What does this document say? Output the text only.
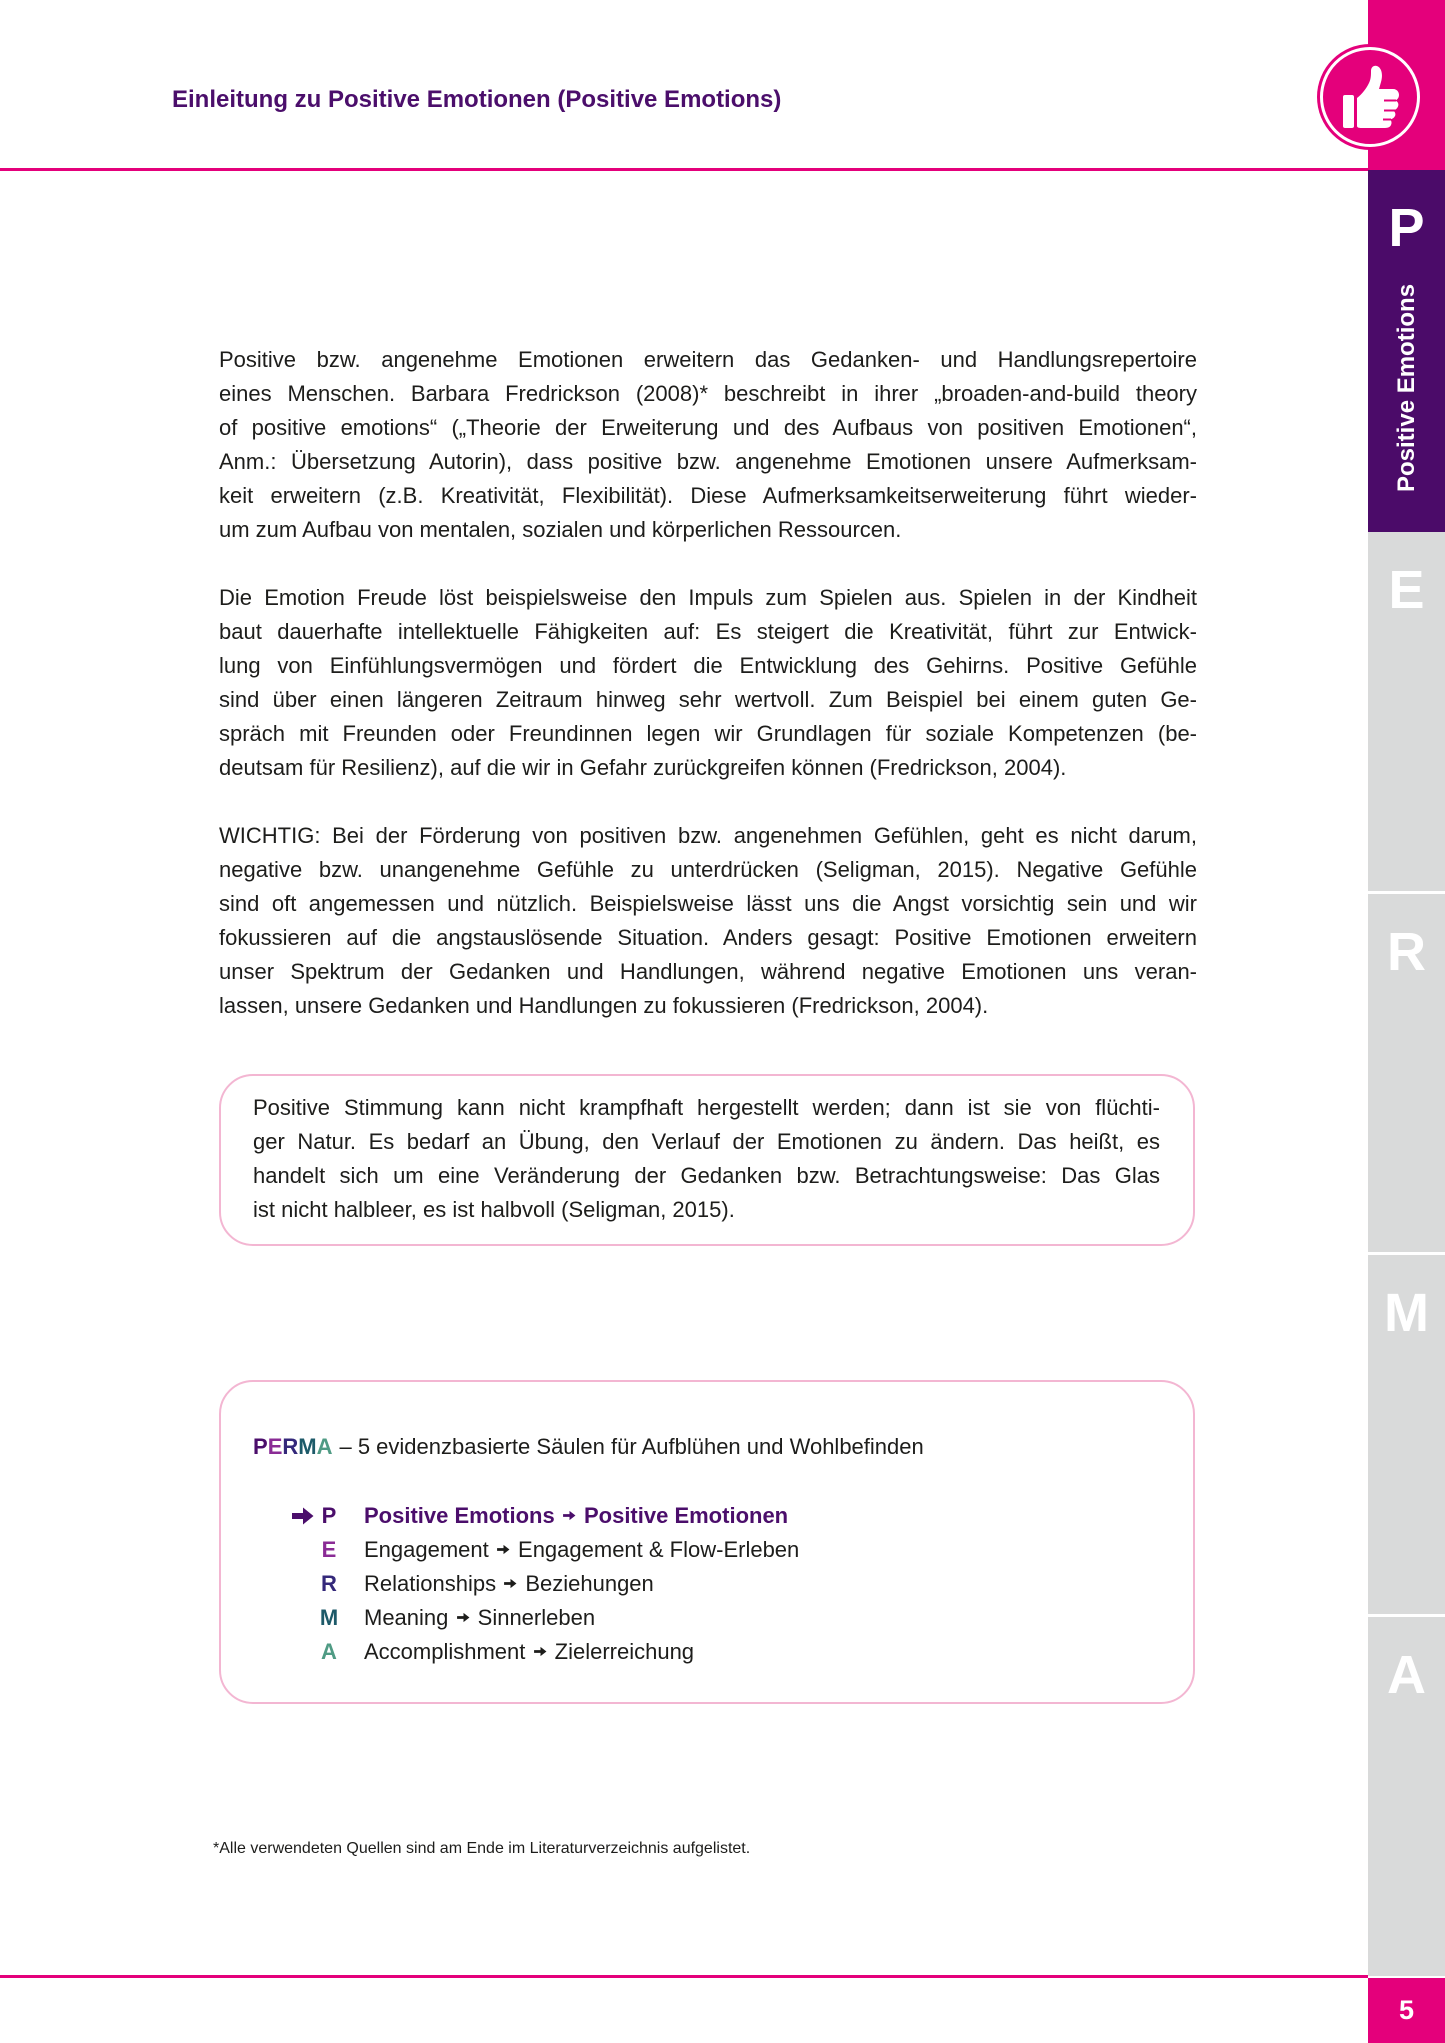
Einleitung zu Positive Emotionen (Positive Emotions)
P
Positive Emotions
E
R
M
A
5
Positive bzw. angenehme Emotionen erweitern das Gedanken- und Handlungsrepertoire
eines Menschen. Barbara Fredrickson (2008)* beschreibt in ihrer „broaden-and-build theory
of positive emotions“ („Theorie der Erweiterung und des Aufbaus von positiven Emotionen“,
Anm.: Übersetzung Autorin), dass positive bzw. angenehme Emotionen unsere Aufmerksam-
keit erweitern (z.B. Kreativität, Flexibilität). Diese Aufmerksamkeitserweiterung führt wieder-
um zum Aufbau von mentalen, sozialen und körperlichen Ressourcen.
Die Emotion Freude löst beispielsweise den Impuls zum Spielen aus. Spielen in der Kindheit
baut dauerhafte intellektuelle Fähigkeiten auf: Es steigert die Kreativität, führt zur Entwick-
lung von Einfühlungsvermögen und fördert die Entwicklung des Gehirns. Positive Gefühle
sind über einen längeren Zeitraum hinweg sehr wertvoll. Zum Beispiel bei einem guten Ge-
spräch mit Freunden oder Freundinnen legen wir Grundlagen für soziale Kompetenzen (be-
deutsam für Resilienz), auf die wir in Gefahr zurückgreifen können (Fredrickson, 2004).
WICHTIG: Bei der Förderung von positiven bzw. angenehmen Gefühlen, geht es nicht darum,
negative bzw. unangenehme Gefühle zu unterdrücken (Seligman, 2015). Negative Gefühle
sind oft angemessen und nützlich. Beispielsweise lässt uns die Angst vorsichtig sein und wir
fokussieren auf die angstauslösende Situation. Anders gesagt: Positive Emotionen erweitern
unser Spektrum der Gedanken und Handlungen, während negative Emotionen uns veran-
lassen, unsere Gedanken und Handlungen zu fokussieren (Fredrickson, 2004).
Positive Stimmung kann nicht krampfhaft hergestellt werden; dann ist sie von flüchti-
ger Natur. Es bedarf an Übung, den Verlauf der Emotionen zu ändern. Das heißt, es
handelt sich um eine Veränderung der Gedanken bzw. Betrachtungsweise: Das Glas
ist nicht halbleer, es ist halbvoll (Seligman, 2015).
PERMA – 5 evidenzbasierte Säulen für Aufblühen und Wohlbefinden
P	Positive Emotions Positive Emotionen
E	Engagement Engagement & Flow-Erleben
R Relationships Beziehungen
M Meaning Sinnerleben
A Accomplishment Zielerreichung
*Alle verwendeten Quellen sind am Ende im Literaturverzeichnis aufgelistet.
